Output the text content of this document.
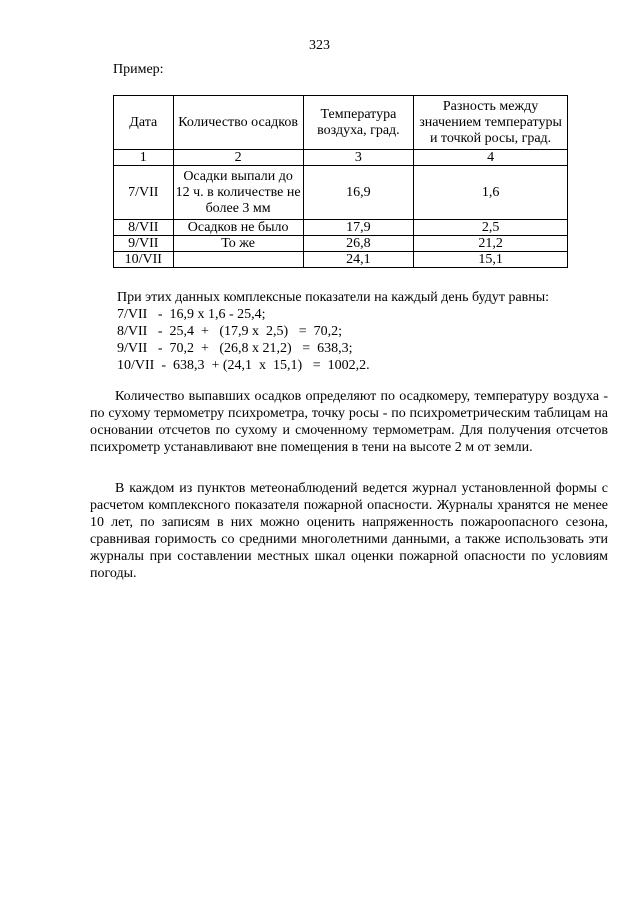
323
Пример:
Дата	Количество осадков	Температура воздуха, град.	Разность между значением температуры и точкой росы, град.
1	2	3	4
7/VII	Осадки выпали до 12 ч. в количестве не более 3 мм	16,9	1,6
8/VII	Осадков не было	17,9	2,5
9/VII	То же	26,8	21,2
10/VII		24,1	15,1
При этих данных комплексные показатели на каждый день будут равны:
7/VII   -  16,9 х 1,6 - 25,4;
8/VII   -  25,4  +   (17,9 х  2,5)   =  70,2;
9/VII   -  70,2  +   (26,8 х 21,2)   =  638,3;
10/VII  -  638,3  + (24,1  х  15,1)   =  1002,2.

Количество выпавших осадков определяют по осадкомеру, температуру воздуха - по сухому термометру психрометра, точку росы - по психрометрическим таблицам на основании отсчетов по сухому и смоченному термометрам. Для получения отсчетов психрометр устанавливают вне помещения в тени на высоте 2 м от земли.

В каждом из пунктов метеонаблюдений ведется журнал установленной формы с расчетом комплексного показателя пожарной опасности. Журналы хранятся не менее 10 лет, по записям в них можно оценить напряженность пожароопасного сезона, сравнивая горимость со средними многолетними данными, а также использовать эти журналы при составлении местных шкал оценки пожарной опасности по условиям погоды.
